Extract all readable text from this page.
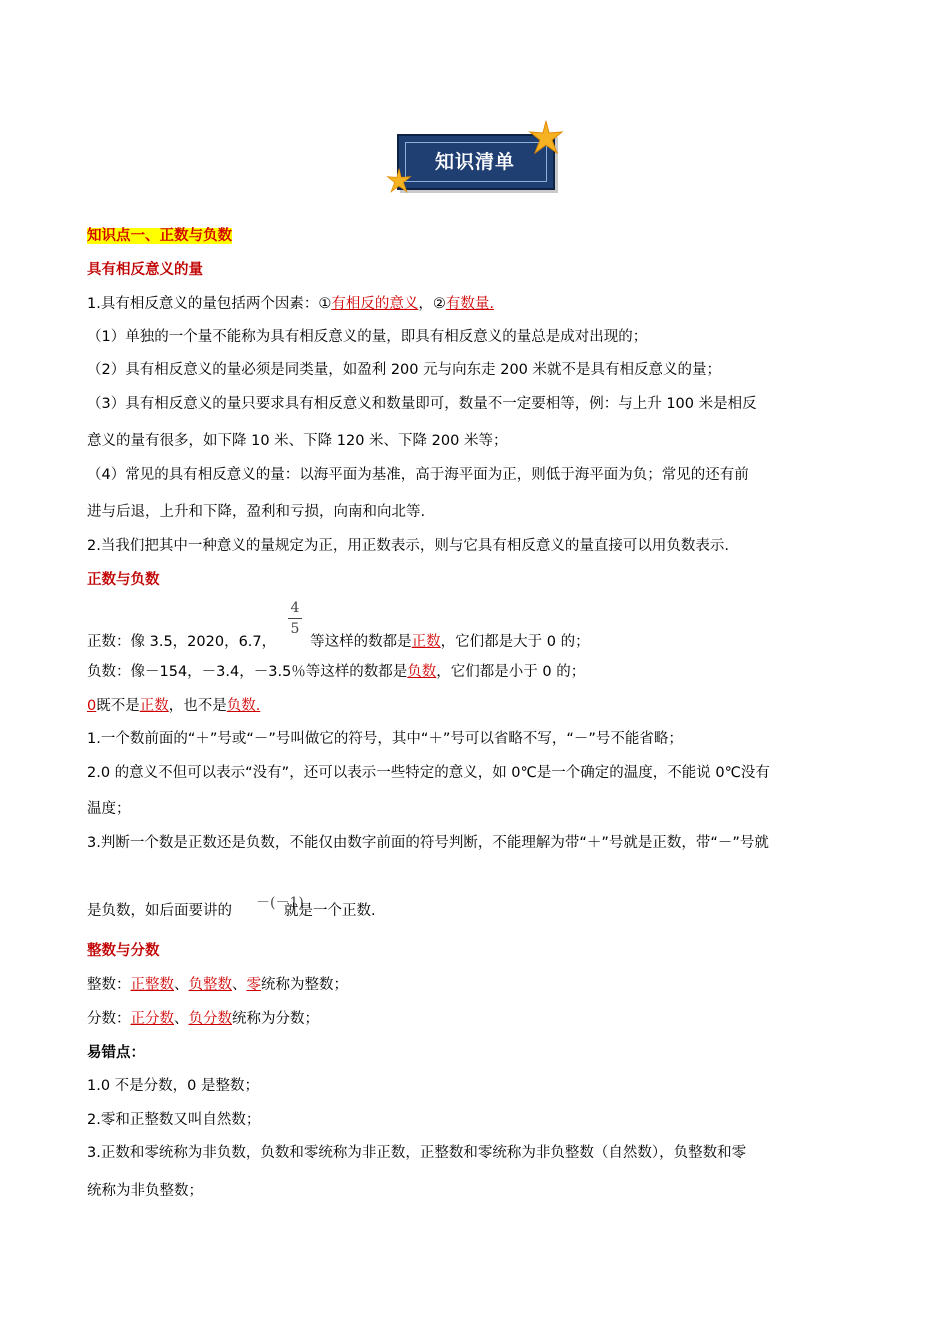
知识清单
知识点一、正数与负数
具有相反意义的量
1.具有相反意义的量包括两个因素：①有相反的意义，②有数量.
（1）单独的一个量不能称为具有相反意义的量，即具有相反意义的量总是成对出现的；
（2）具有相反意义的量必须是同类量，如盈利 200 元与向东走 200 米就不是具有相反意义的量；
（3）具有相反意义的量只要求具有相反意义和数量即可，数量不一定要相等，例：与上升 100 米是相反
意义的量有很多，如下降 10 米、下降 120 米、下降 200 米等；
（4）常见的具有相反意义的量：以海平面为基准，高于海平面为正，则低于海平面为负；常见的还有前
进与后退，上升和下降，盈利和亏损，向南和向北等.
2.当我们把其中一种意义的量规定为正，用正数表示，则与它具有相反意义的量直接可以用负数表示.
正数与负数
4
5
正数：像 3.5，2020，6.7， 等这样的数都是正数，它们都是大于 0 的；
负数：像－154，－3.4，－3.5％等这样的数都是负数，它们都是小于 0 的；
0既不是正数，也不是负数.
1.一个数前面的“＋”号或“－”号叫做它的符号，其中“＋”号可以省略不写，“－”号不能省略；
2.0 的意义不但可以表示“没有”，还可以表示一些特定的意义，如 0℃是一个确定的温度，不能说 0℃没有
温度；
3.判断一个数是正数还是负数，不能仅由数字前面的符号判断，不能理解为带“＋”号就是正数，带“－”号就
－(－1)
是负数，如后面要讲的	就是一个正数.
整数与分数
整数：正整数、负整数、零统称为整数；
分数：正分数、负分数统称为分数；
易错点：
1.0 不是分数，0 是整数；
2.零和正整数又叫自然数；
3.正数和零统称为非负数，负数和零统称为非正数，正整数和零统称为非负整数（自然数），负整数和零
统称为非负整数；
